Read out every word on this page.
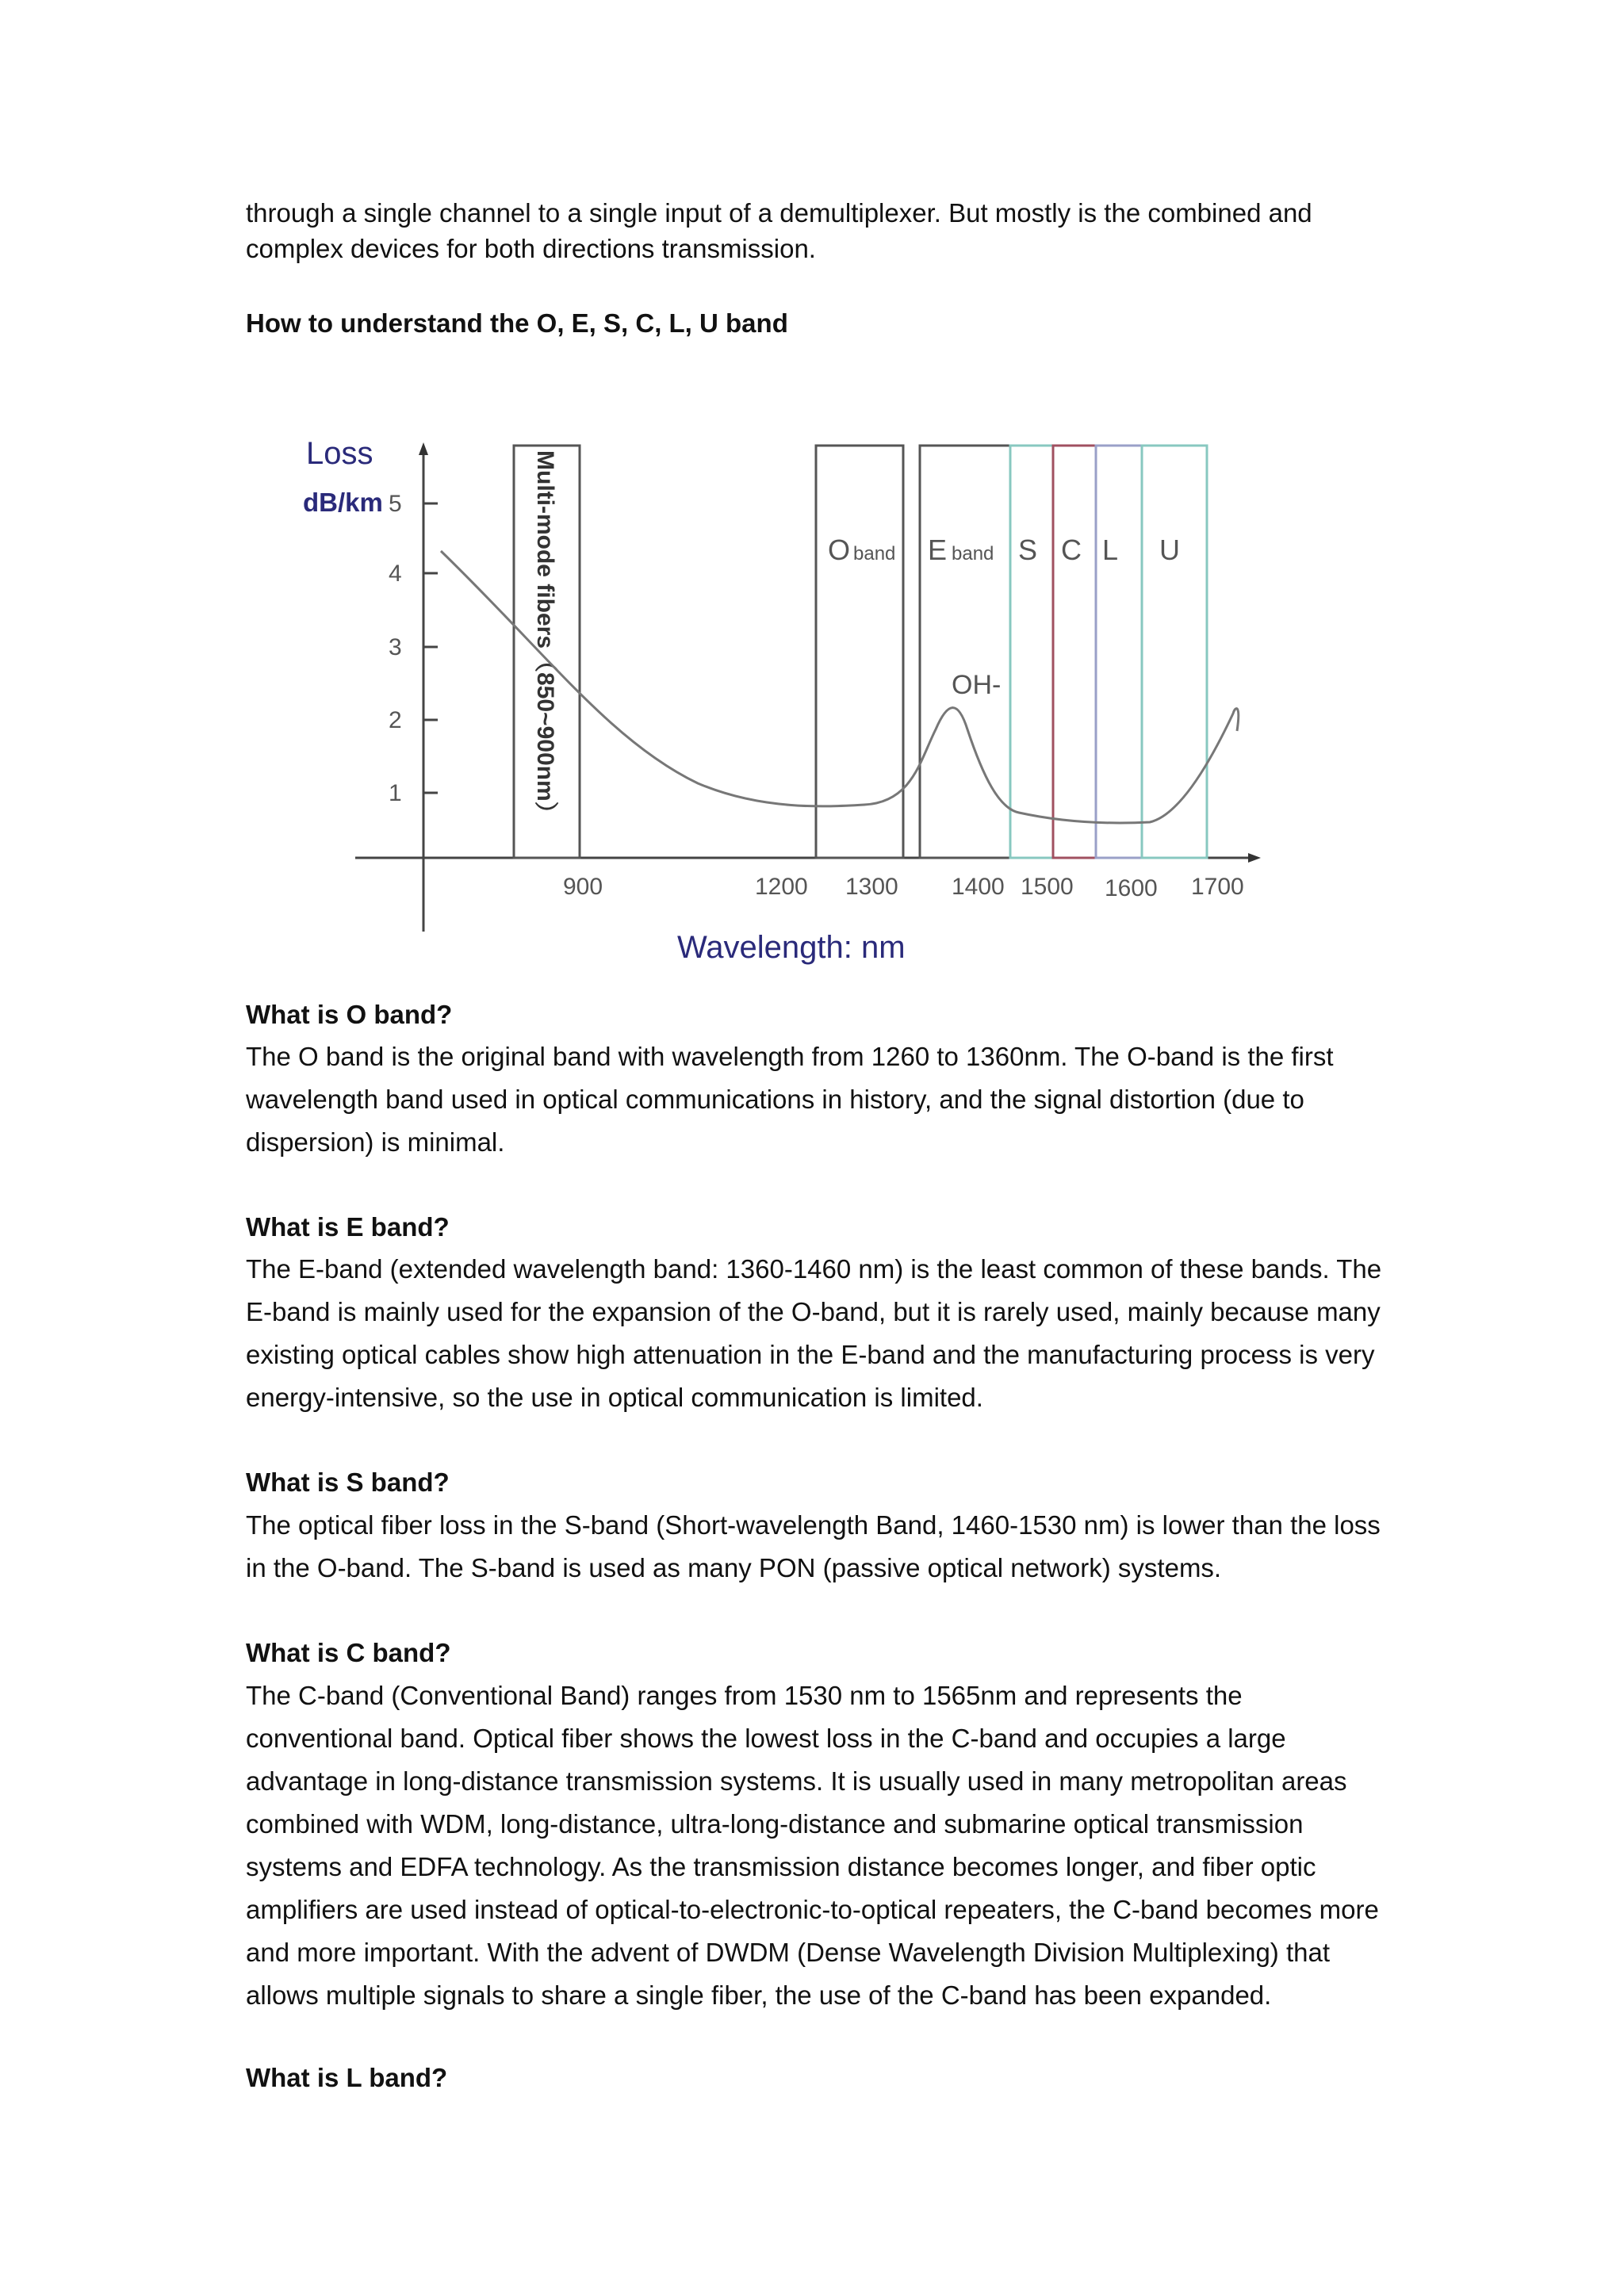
through a single channel to a single input of a demultiplexer. But mostly is the combined and complex devices for both directions transmission.

How to understand the O, E, S, C, L, U band

Loss
dB/km 5
4
3
2
1	Multi-mode fibers（850~900nm）	Oband Eband S C L U
OH-
900	1200 1300 1400 1500 1600 1700
Wavelength: nm

What is O band?

The O band is the original band with wavelength from 1260 to 1360nm. The O-band is the first wavelength band used in optical communications in history, and the signal distortion (due to dispersion) is minimal.

What is E band?

The E-band (extended wavelength band: 1360-1460 nm) is the least common of these bands. The E-band is mainly used for the expansion of the O-band, but it is rarely used, mainly because many existing optical cables show high attenuation in the E-band and the manufacturing process is very energy-intensive, so the use in optical communication is limited.

What is S band?

The optical fiber loss in the S-band (Short-wavelength Band, 1460-1530 nm) is lower than the loss in the O-band. The S-band is used as many PON (passive optical network) systems.

What is C band?

The C-band (Conventional Band) ranges from 1530 nm to 1565nm and represents the conventional band. Optical fiber shows the lowest loss in the C-band and occupies a large advantage in long-distance transmission systems. It is usually used in many metropolitan areas combined with WDM, long-distance, ultra-long-distance and submarine optical transmission systems and EDFA technology. As the transmission distance becomes longer, and fiber optic amplifiers are used instead of optical-to-electronic-to-optical repeaters, the C-band becomes more and more important. With the advent of DWDM (Dense Wavelength Division Multiplexing) that allows multiple signals to share a single fiber, the use of the C-band has been expanded.

What is L band?
